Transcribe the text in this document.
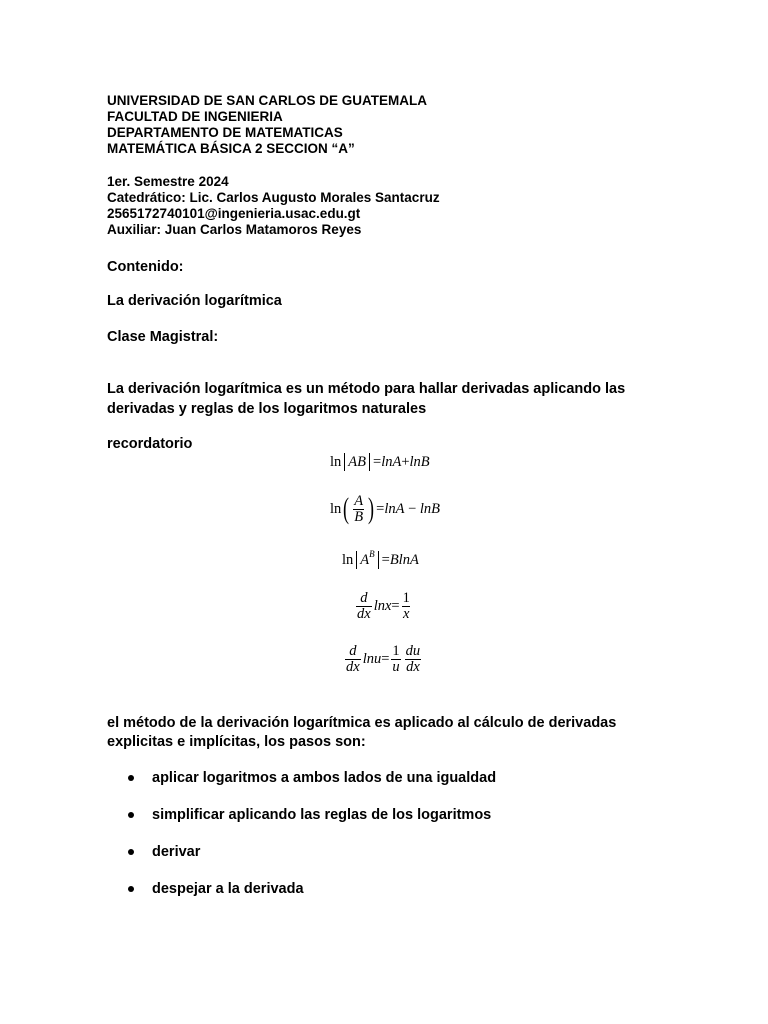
UNIVERSIDAD DE SAN CARLOS DE GUATEMALA
FACULTAD DE INGENIERIA
DEPARTAMENTO DE MATEMATICAS
MATEMÁTICA BÁSICA 2 SECCION “A”
1er. Semestre 2024
Catedrático: Lic. Carlos Augusto Morales Santacruz
2565172740101@ingenieria.usac.edu.gt
Auxiliar: Juan Carlos Matamoros Reyes
Contenido:
La derivación logarítmica
Clase Magistral:
La derivación logarítmica es un método para hallar derivadas aplicando las
derivadas y reglas de los logaritmos naturales
recordatorio
ln AB = lnA + lnB
ln ( $\frac{A}{B}$ ) = lnA − lnB
ln A B = BlnA
$\frac{d}{dx}$ $\ln x = \frac{1}{x}$
$\frac{d}{dx}$ $\ln u = \frac{1}{u} \frac{du}{dx}$
el método de la derivación logarítmica es aplicado al cálculo de derivadas
explicitas e implícitas, los pasos son:
aplicar logaritmos a ambos lados de una igualdad
simplificar aplicando las reglas de los logaritmos
derivar
despejar a la derivada
